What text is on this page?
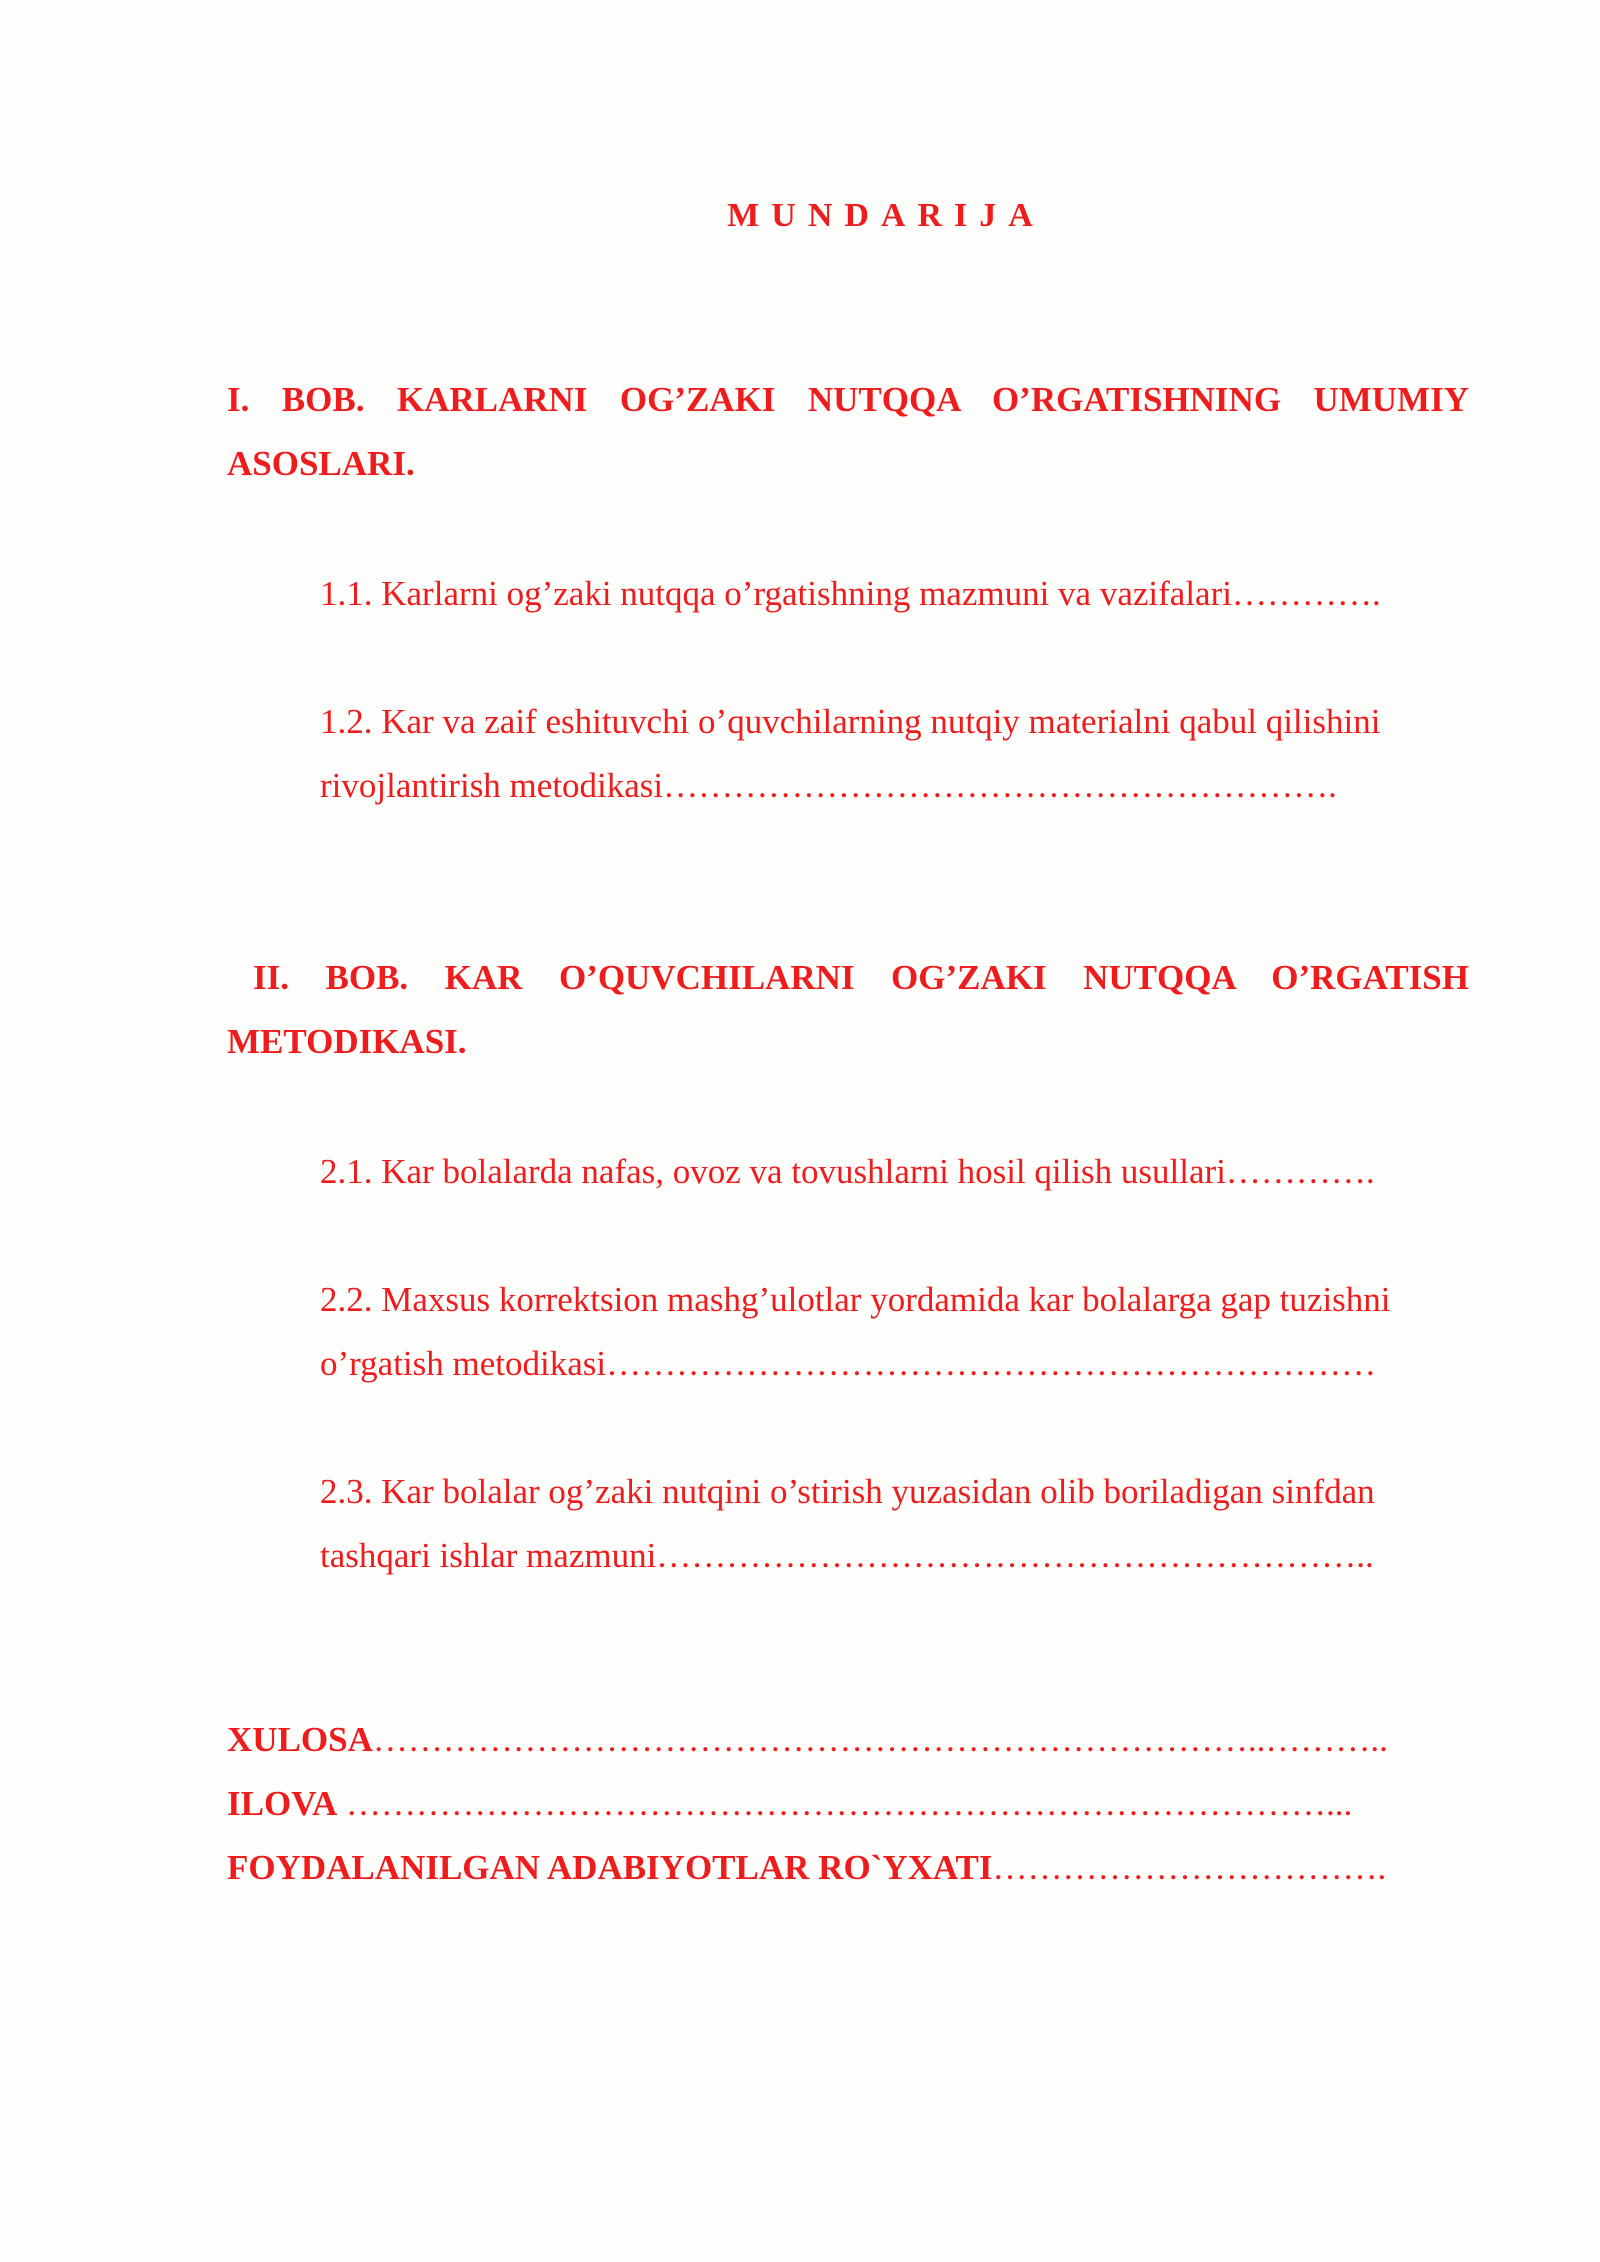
MUNDARIJA
I. BOB. KARLARNI OG’ZAKI NUTQQA O’RGATISHNING UMUMIY
ASOSLARI.
1.1. Karlarni og’zaki nutqqa o’rgatishning mazmuni va vazifalari………….
1.2. Kar va zaif eshituvchi o’quvchilarning nutqiy materialni qabul qilishini
rivojlantirish metodikasi………………………………………………….
II. BOB. KAR O’QUVCHILARNI OG’ZAKI NUTQQA O’RGATISH
METODIKASI.
2.1. Kar bolalarda nafas, ovoz va tovushlarni hosil qilish usullari………….
2.2. Maxsus korrektsion mashg’ulotlar yordamida kar bolalarga gap tuzishni
o’rgatish metodikasi…………………………………………………………
2.3. Kar bolalar og’zaki nutqini o’stirish yuzasidan olib boriladigan sinfdan
tashqari ishlar mazmuni……………………………………………………..
XULOSA…………………………………………………………………..………..
ILOVA …………………………………………………………………………...
FOYDALANILGAN ADABIYOTLAR RO`YXATI…………………………….
